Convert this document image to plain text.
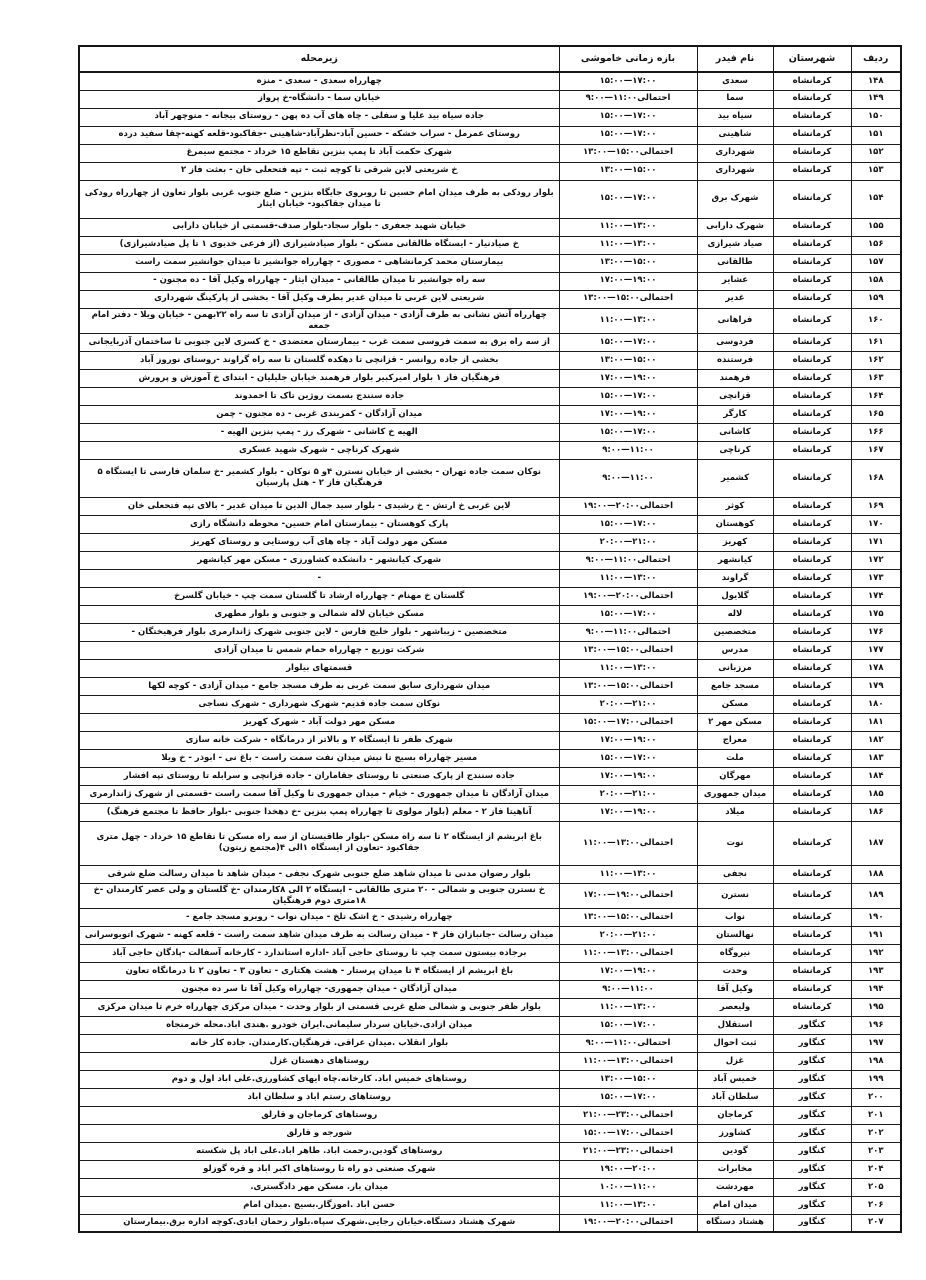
ردیف	شهرستان	نام فیدر	بازه زمانی خاموشی	زیرمحله
۱۴۸	کرمانشاه	سعدی	۱۵:۰۰—۱۷:۰۰	چهارراه سعدی - سعدی - منزه
۱۴۹	کرمانشاه	سما	۹:۰۰—۱۱:۰۰احتمالی	خیابان سما - دانشگاه-خ پرواز
۱۵۰	کرمانشاه	سیاه بید	۱۵:۰۰—۱۷:۰۰	جاده سیاه بید علیا و سفلی - چاه های آب ده پهن - روستای بیجانه - منوچهر آباد
۱۵۱	کرمانشاه	شاهینی	۱۵:۰۰—۱۷:۰۰	روستای عمرمل - سراب خشکه - حسین آباد-نظرآباد-شاهینی -جقاکبود-قلعه کهنه-چقا سفید درده
۱۵۲	کرمانشاه	شهرداری	۱۳:۰۰—۱۵:۰۰احتمالی	شهرک حکمت آباد تا پمپ بنزین تقاطع ۱۵ خرداد - مجتمع سیمرغ
۱۵۳	کرمانشاه	شهرداری	۱۳:۰۰—۱۵:۰۰	خ شریعتی لاین شرقی تا کوچه ثبت - تپه فتحعلی خان - بعثت فاز ۲
۱۵۴	کرمانشاه	شهرک برق	۱۵:۰۰—۱۷:۰۰	بلوار رودکی به طرف میدان امام حسین تا روبروی جایگاه بنزین - ضلع جنوب غربی بلوار تعاون از چهارراه رودکی تا میدان جقاکبود- خیابان ایثار
۱۵۵	کرمانشاه	شهرک دارابی	۱۱:۰۰—۱۳:۰۰	خیابان شهید جعفری - بلوار سجاد-بلوار صدف-قسمتی از خیابان دارابی
۱۵۶	کرمانشاه	صیاد شیرازی	۱۱:۰۰—۱۳:۰۰	خ صیادنیار - ایستگاه طالقانی مسکن - بلوار صیادشیرازی (از فرعی خدیوی ۱ تا پل صیادشیرازی)
۱۵۷	کرمانشاه	طالقانی	۱۳:۰۰—۱۵:۰۰	بیمارستان محمد کرمانشاهی - مصوری - چهارراه جوانشیر تا میدان جوانشیر سمت راست
۱۵۸	کرمانشاه	عشایر	۱۷:۰۰—۱۹:۰۰	سه راه جوانشیر تا میدان طالقانی - میدان ایثار - چهارراه وکیل آقا - ده مجنون -
۱۵۹	کرمانشاه	غدیر	۱۳:۰۰—۱۵:۰۰احتمالی	شریعتی لاین غربی تا میدان غدیر بطرف وکیل آقا - بخشی از پارکینگ شهرداری
۱۶۰	کرمانشاه	فراهانی	۱۱:۰۰—۱۳:۰۰	چهارراه آتش نشانی به طرف آزادی - میدان آزادی - از میدان آزادی تا سه راه ۲۲بهمن - خیابان ویلا - دفتر امام جمعه
۱۶۱	کرمانشاه	فردوسی	۱۵:۰۰—۱۷:۰۰	از سه راه برق به سمت فروسی سمت غرب - بیمارستان معتضدی - خ کسری لاین جنوبی تا ساختمان آذربایجانی
۱۶۲	کرمانشاه	فرستنده	۱۳:۰۰—۱۵:۰۰	بخشی از جاده روانسر - قزانچی تا دهکده گلستان تا سه راه گراوند -روستای نوروز آباد
۱۶۳	کرمانشاه	فرهمند	۱۷:۰۰—۱۹:۰۰	فرهنگیان فاز ۱ بلوار امیرکبیر بلوار فرهمند خیابان جلیلیان - ابتدای خ آموزش و پرورش
۱۶۴	کرمانشاه	قزانچی	۱۵:۰۰—۱۷:۰۰	جاده سنندج بسمت روژین تاک تا احمدوند
۱۶۵	کرمانشاه	کارگر	۱۷:۰۰—۱۹:۰۰	میدان آزادگان - کمربندی غربی - ده مجنون - چمن
۱۶۶	کرمانشاه	کاشانی	۱۵:۰۰—۱۷:۰۰	الهیه خ کاشانی - شهرک رز - پمپ بنزین الهیه -
۱۶۷	کرمانشاه	کرناچی	۹:۰۰—۱۱:۰۰	شهرک کرناچی - شهرک شهید عسکری
۱۶۸	کرمانشاه	کشمیر	۹:۰۰—۱۱:۰۰	نوکان سمت جاده تهران - بخشی از خیابان نسترن ۴و ۵ نوکان - بلوار کشمیر -خ سلمان فارسی تا ایستگاه ۵ فرهنگیان فاز ۲ - هتل پارسیان
۱۶۹	کرمانشاه	کوثر	۱۹:۰۰—۲۰:۰۰احتمالی	لاین غربی خ ارتش - خ رشیدی - بلوار سید جمال الدین تا میدان غدیر - بالای تپه فتحعلی خان
۱۷۰	کرمانشاه	کوهستان	۱۵:۰۰—۱۷:۰۰	پارک کوهستان - بیمارستان امام حسین- محوطه دانشگاه رازی
۱۷۱	کرمانشاه	کهریز	۲۰:۰۰—۲۱:۰۰	مسکن مهر دولت آباد - چاه های آب روستایی و روستای کهریز
۱۷۲	کرمانشاه	کیانشهر	۹:۰۰—۱۱:۰۰احتمالی	شهرک کیانشهر - دانشکده کشاورزی - مسکن مهر کیانشهر
۱۷۳	کرمانشاه	گراوند	۱۱:۰۰—۱۳:۰۰	-
۱۷۴	کرمانشاه	گلایول	۱۹:۰۰—۲۰:۰۰احتمالی	گلستان خ مهنام - چهارراه ارشاد تا گلستان سمت چپ - خیابان گلسرخ
۱۷۵	کرمانشاه	لاله	۱۵:۰۰—۱۷:۰۰	مسکن خیابان لاله شمالی و جنوبی و بلوار مطهری
۱۷۶	کرمانشاه	متخصصین	۹:۰۰—۱۱:۰۰احتمالی	متخصصین - زیباشهر - بلوار خلیج فارس - لاین جنوبی شهرک ژاندارمری بلوار فرهیختگان -
۱۷۷	کرمانشاه	مدرس	۱۳:۰۰—۱۵:۰۰احتمالی	شرکت توزیع - چهارراه حمام شمس تا میدان آزادی
۱۷۸	کرمانشاه	مرزبانی	۱۱:۰۰—۱۳:۰۰	قسمتهای بیلوار
۱۷۹	کرمانشاه	مسجد جامع	۱۳:۰۰—۱۵:۰۰احتمالی	میدان شهرداری سابق سمت غربی به طرف مسجد جامع - میدان آزادی - کوچه لکها
۱۸۰	کرمانشاه	مسکن	۲۰:۰۰—۲۱:۰۰	نوکان سمت جاده قدیم- شهرک شهرداری - شهرک نساجی
۱۸۱	کرمانشاه	مسکن مهر ۲	۱۵:۰۰—۱۷:۰۰احتمالی	مسکن مهر دولت آباد - شهرک کهریز
۱۸۲	کرمانشاه	معراج	۱۷:۰۰—۱۹:۰۰	شهرک ظفر تا ایستگاه ۲ و بالاتر از درمانگاه - شرکت خانه سازی
۱۸۳	کرمانشاه	ملت	۱۵:۰۰—۱۷:۰۰	مسیر چهارراه بسیج تا نبش میدان نفت سمت راست - باغ نی - ابوذر - خ ویلا
۱۸۴	کرمانشاه	مهرگان	۱۷:۰۰—۱۹:۰۰	جاده سنندج از پارک صنعتی تا روستای جقاماران - جاده قزانچی و سرابله تا روستای تپه افشار
۱۸۵	کرمانشاه	میدان جمهوری	۲۰:۰۰—۲۱:۰۰	میدان آزادگان تا میدان جمهوری - خیام - میدان جمهوری تا وکیل آقا سمت راست -قسمتی از شهرک ژاندارمری
۱۸۶	کرمانشاه	میلاد	۱۷:۰۰—۱۹:۰۰	آناهیتا فاز ۲ - معلم (بلوار مولوی تا چهارراه پمپ بنزین -خ دهخدا جنوبی -بلوار حافظ تا مجتمع فرهنگ)
۱۸۷	کرمانشاه	نوت	۱۱:۰۰—۱۳:۰۰احتمالی	باغ ابریشم از ایستگاه ۲ تا سه راه مسکن -بلوار طاقبستان از سه راه مسکن تا تقاطع ۱۵ خرداد - چهل متری جقاکبود -تعاون از ایستگاه ۱الی ۴(مجتمع زیتون)
۱۸۸	کرمانشاه	نجفی	۱۱:۰۰—۱۳:۰۰	بلوار رضوان مدنی تا میدان شاهد ضلع جنوبی شهرک نجفی - میدان شاهد تا میدان رسالت ضلع شرقی
۱۸۹	کرمانشاه	نسترن	۱۷:۰۰—۱۹:۰۰احتمالی	خ نسترن جنوبی و شمالی - ۲۰ متری طالقانی - ایستگاه ۲ الی ۸کارمندان -خ گلستان و ولی عصر کارمندان -خ ۱۸متری دوم فرهنگیان
۱۹۰	کرمانشاه	نواب	۱۳:۰۰—۱۵:۰۰احتمالی	چهارراه رشیدی - خ اشک تلخ - میدان نواب - روبرو مسجد جامع -
۱۹۱	کرمانشاه	نهالستان	۲۰:۰۰—۲۱:۰۰	میدان رسالت -جانبازان فاز ۴ - میدان رسالت به طرف میدان شاهد سمت راست - قلعه کهنه - شهرک اتوبوسرانی
۱۹۲	کرمانشاه	نیروگاه	۱۱:۰۰—۱۳:۰۰احتمالی	برجاده بیستون سمت چپ تا روستای حاجی آباد -اداره استاندارد - کارخانه آسفالت -پادگان حاجی آباد
۱۹۳	کرمانشاه	وحدت	۱۷:۰۰—۱۹:۰۰	باغ ابریشم از ایستگاه ۴ تا میدان پرستار - هشت هکتاری - تعاون ۳ - تعاون ۲ تا درمانگاه تعاون
۱۹۴	کرمانشاه	وکیل آقا	۹:۰۰—۱۱:۰۰	میدان آزادگان - میدان جمهوری- چهارراه وکیل آقا تا سر ده مجنون
۱۹۵	کرمانشاه	ولیعصر	۱۱:۰۰—۱۳:۰۰	بلوار ظفر جنوبی و شمالی ضلع غربی قسمتی از بلوار وحدت - میدان مرکزی چهارراه خرم تا میدان مرکزی
۱۹۶	کنگاور	استقلال	۱۵:۰۰—۱۷:۰۰	میدان ازادی.خیابان سردار سلیمانی.ایران خودرو .هندی اباد.محله خرمنجاه
۱۹۷	کنگاور	ثبت احوال	۹:۰۰—۱۱:۰۰احتمالی	بلوار انقلاب .میدان عراقی. فرهنگیان.کارمندان. جاده کار خانه
۱۹۸	کنگاور	غزل	۱۱:۰۰—۱۳:۰۰احتمالی	روستاهای دهستان غزل
۱۹۹	کنگاور	خمیس آباد	۱۳:۰۰—۱۵:۰۰	روستاهای خمیس اباد. کارخانه.چاه ایهای کشاورزی.علی اباد اول و دوم
۲۰۰	کنگاور	سلطان آباد	۱۵:۰۰—۱۷:۰۰	روستاهای رستم اباد و سلطان اباد
۲۰۱	کنگاور	کرماجان	۲۱:۰۰—۲۳:۰۰احتمالی	روستاهای کرماجان و قارلق
۲۰۲	کنگاور	کشاورز	۱۵:۰۰—۱۷:۰۰احتمالی	شورجه و قارلق
۲۰۳	کنگاور	گودین	۲۱:۰۰—۲۳:۰۰احتمالی	روستاهای گودین.رحمت اباد. طاهر اباد.علی اباد پل شکسته
۲۰۴	کنگاور	مخابرات	۱۹:۰۰—۲۰:۰۰	شهرک صنعتی دو راه تا روستاهای اکبر اباد و قره گوزلو
۲۰۵	کنگاور	مهردشت	۱۰:۰۰—۱۱:۰۰	میدان بار. مسکن مهر دادگستری.
۲۰۶	کنگاور	میدان امام	۱۱:۰۰—۱۳:۰۰	حسن اباد .اموزگار.بسیج .میدان امام
۲۰۷	کنگاور	هشتاد دستگاه	۱۹:۰۰—۲۰:۰۰احتمالی	شهرک هشتاد دستگاه.خیابان رجایی.شهرک سپاه.بلوار رحمان ابادی.کوچه اداره برق.بیمارستان
